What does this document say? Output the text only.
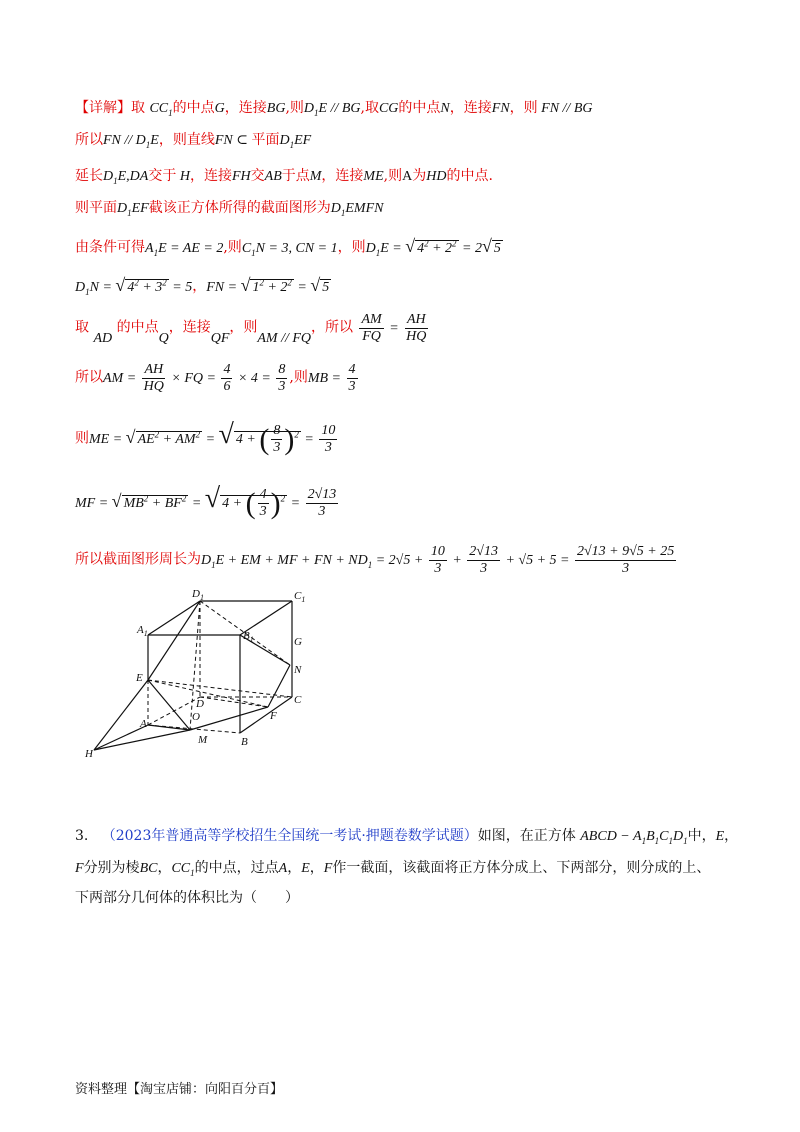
【详解】取 $CC_1$的中点G，连接BG,则$D_1E$ // BG,取CG的中点N，连接FN，则 FN // BG
所以FN // $D_1E$，则直线FN ⊂ 平面$D_1EF$
延长$D_1E,DA$交于 H，连接FH交AB于点M，连接ME,则A为HD的中点.
则平面$D_1EF$截该正方体所得的截面图形为$D_1EMFN$
由条件可得$A_1E$ = AE = 2,则$C_1N = 3$, CN = 1，则$D_1E$ = √ $4^2 + 2^2 = 2√$ 5
$D_1N$ = √ $4^2 + 3^2 = 5$，FN = √ $1^2 + 2^2$ = √ 5
取 AD 的中点Q，连接QF，则AM // FQ，所以 $\frac{AM}{FQ} = \frac{AH}{HQ}$
所以AM = $\frac{AH}{HQ}$ × FQ = $\frac{4}{6} \times 4 = \frac{8}{3}$ ,则MB = $\frac{4}{3}$
则ME = √ $AE^2 + AM^2$ = √ 4 + ( $\frac{8}{3} )^2 = \frac{10}{3}$
MF = √ $MB^2 + BF^2$ = √ 4 + ( $\frac{4}{3} )^2 = \frac{2√13}{3}$
所以截面图形周长为$D_1E$ + EM + MF + FN + $ND_1 = 2√5 + \frac{10}{3} + \frac{2√13}{3} + √5 + 5 = \frac{2√13 + 9√5 + 25}{3}$
$D_1$	$C_1$
$A_1$	$B_1$	G
N
E
C
D
O	F
A
M	B
H
3. （2023年普通高等学校招生全国统一考试·押题卷数学试题）如图，在正方体 ABCD − $A_1B_1C_1D_1$中，E，
F分别为棱BC，$CC_1$的中点，过点A，E，F作一截面，该截面将正方体分成上、下两部分，则分成的上、
下两部分几何体的体积比为（　　）
资料整理【淘宝店铺：向阳百分百】
